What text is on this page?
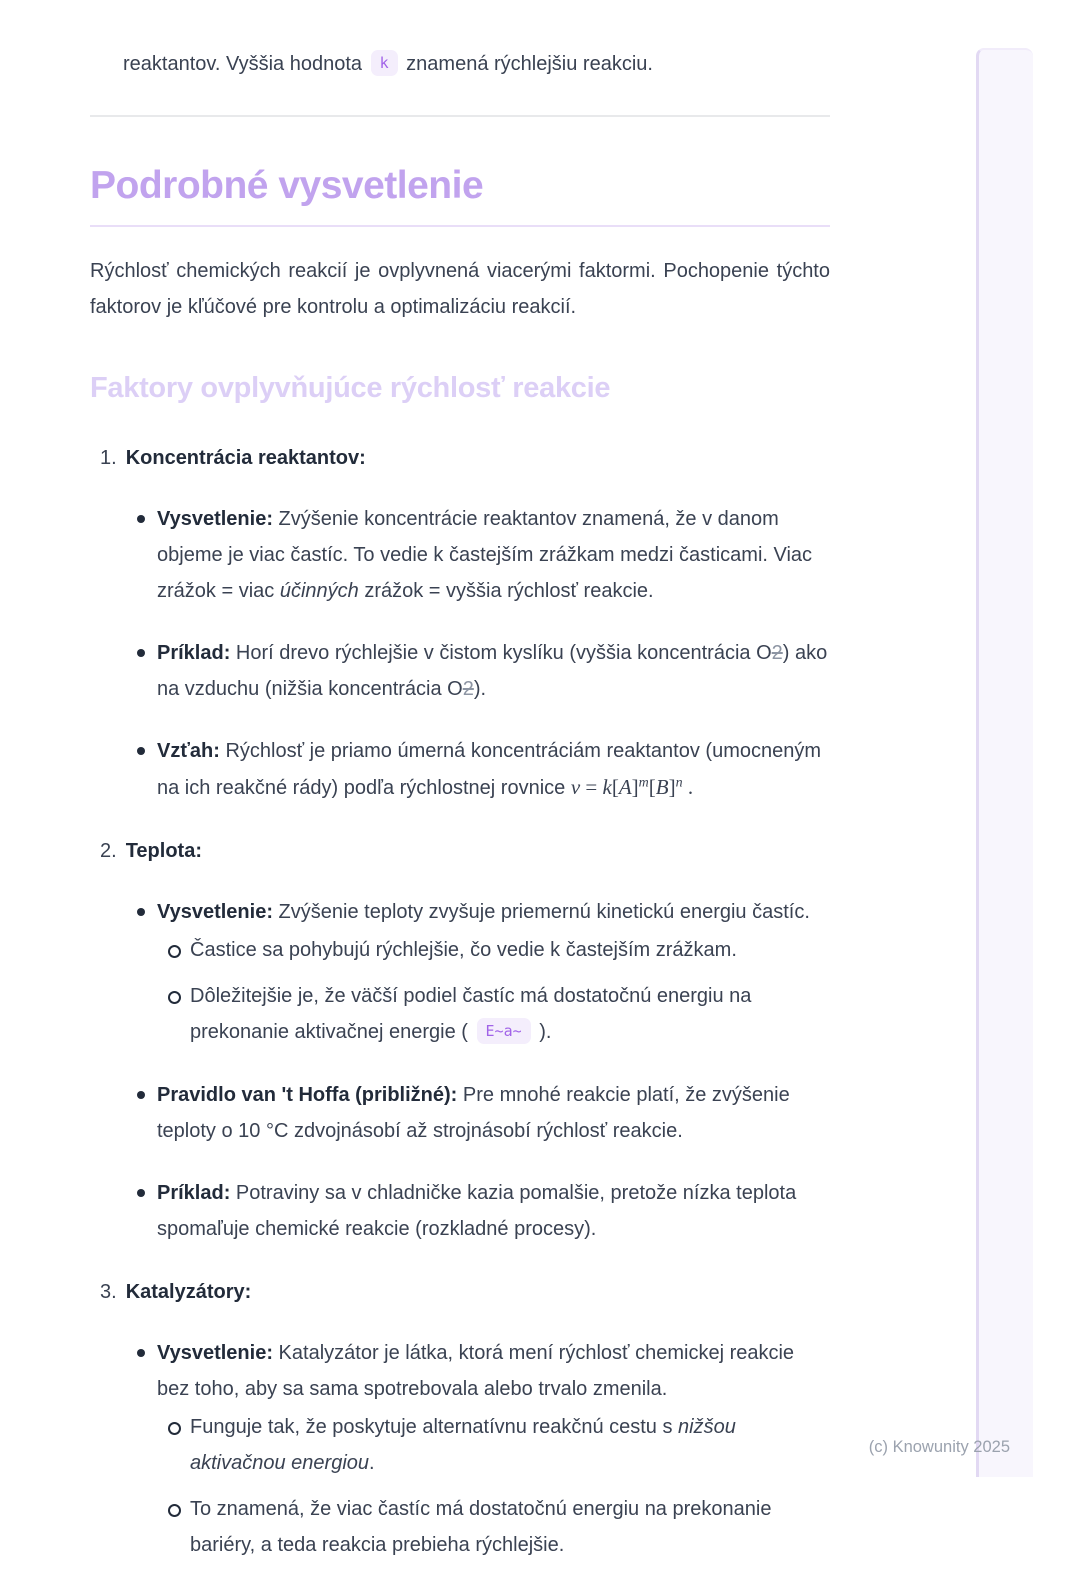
reaktantov. Vyššia hodnota k znamená rýchlejšiu reakciu.

Podrobné vysvetlenie

Rýchlosť chemických reakcií je ovplyvnená viacerými faktormi. Pochopenie týchto faktorov je kľúčové pre kontrolu a optimalizáciu reakcií.

Faktory ovplyvňujúce rýchlosť reakcie
1. Koncentrácia reaktantov:

Vysvetlenie: Zvýšenie koncentrácie reaktantov znamená, že v danom objeme je viac častíc. To vedie k častejším zrážkam medzi časticami. Viac zrážok = viac účinných zrážok = vyššia rýchlosť reakcie.

Príklad: Horí drevo rýchlejšie v čistom kyslíku (vyššia koncentrácia O2) ako na vzduchu (nižšia koncentrácia O2).

Vzťah: Rýchlosť je priamo úmerná koncentráciám reaktantov (umocneným na ich reakčné rády) podľa rýchlostnej rovnice $v = k[A]^m[B]^n$ .

2. Teplota:

Vysvetlenie: Zvýšenie teploty zvyšuje priemernú kinetickú energiu častíc.

Častice sa pohybujú rýchlejšie, čo vedie k častejším zrážkam.

Dôležitejšie je, že väčší podiel častíc má dostatočnú energiu na prekonanie aktivačnej energie ( E~a~ ).

Pravidlo van 't Hoffa (približné): Pre mnohé reakcie platí, že zvýšenie teploty o 10 °C zdvojnásobí až strojnásobí rýchlosť reakcie.

Príklad: Potraviny sa v chladničke kazia pomalšie, pretože nízka teplota spomaľuje chemické reakcie (rozkladné procesy).

3. Katalyzátory:

Vysvetlenie: Katalyzátor je látka, ktorá mení rýchlosť chemickej reakcie bez toho, aby sa sama spotrebovala alebo trvalo zmenila.

Funguje tak, že poskytuje alternatívnu reakčnú cestu s nižšou aktivačnou energiou.

To znamená, že viac častíc má dostatočnú energiu na prekonanie bariéry, a teda reakcia prebieha rýchlejšie.

(c) Knowunity 2025
